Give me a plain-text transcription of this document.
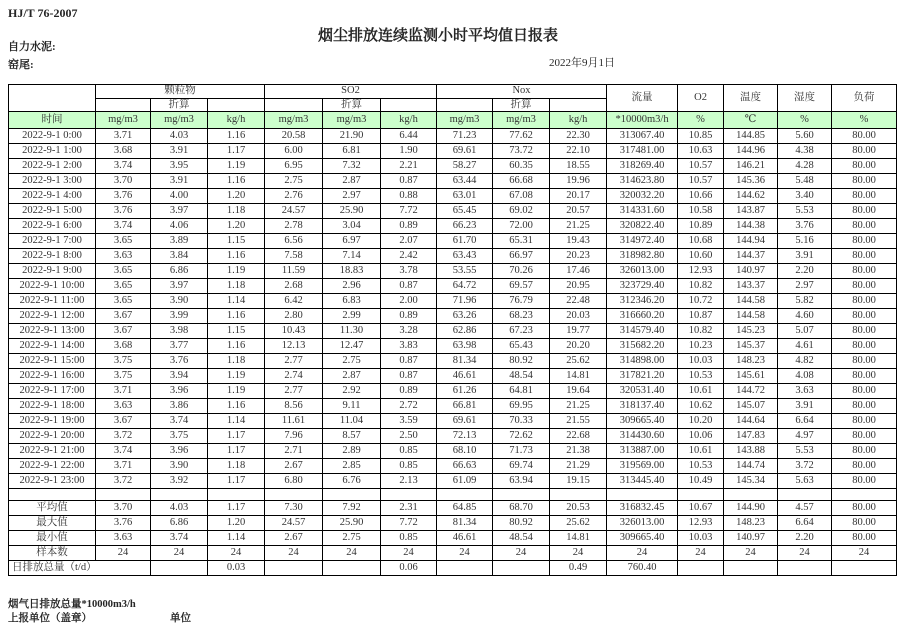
HJ/T 76-2007
烟尘排放连续监测小时平均值日报表
自力水泥:
窑尾:	2022年9月1日
	颗粒物			SO2			Nox			流量	O2	温度	湿度	负荷
		折算			折算			折算						
时间	mg/m3	mg/m3	kg/h	mg/m3	mg/m3	kg/h	mg/m3	mg/m3	kg/h	*10000m3/h	%	℃	%	%
2022-9-1 0:00	3.71	4.03	1.16	20.58	21.90	6.44	71.23	77.62	22.30	313067.40	10.85	144.85	5.60	80.00
2022-9-1 1:00	3.68	3.91	1.17	6.00	6.81	1.90	69.61	73.72	22.10	317481.00	10.63	144.96	4.38	80.00
2022-9-1 2:00	3.74	3.95	1.19	6.95	7.32	2.21	58.27	60.35	18.55	318269.40	10.57	146.21	4.28	80.00
2022-9-1 3:00	3.70	3.91	1.16	2.75	2.87	0.87	63.44	66.68	19.96	314623.80	10.57	145.36	5.48	80.00
2022-9-1 4:00	3.76	4.00	1.20	2.76	2.97	0.88	63.01	67.08	20.17	320032.20	10.66	144.62	3.40	80.00
2022-9-1 5:00	3.76	3.97	1.18	24.57	25.90	7.72	65.45	69.02	20.57	314331.60	10.58	143.87	5.53	80.00
2022-9-1 6:00	3.74	4.06	1.20	2.78	3.04	0.89	66.23	72.00	21.25	320822.40	10.89	144.38	3.76	80.00
2022-9-1 7:00	3.65	3.89	1.15	6.56	6.97	2.07	61.70	65.31	19.43	314972.40	10.68	144.94	5.16	80.00
2022-9-1 8:00	3.63	3.84	1.16	7.58	7.14	2.42	63.43	66.97	20.23	318982.80	10.60	144.37	3.91	80.00
2022-9-1 9:00	3.65	6.86	1.19	11.59	18.83	3.78	53.55	70.26	17.46	326013.00	12.93	140.97	2.20	80.00
2022-9-1 10:00	3.65	3.97	1.18	2.68	2.96	0.87	64.72	69.57	20.95	323729.40	10.82	143.37	2.97	80.00
2022-9-1 11:00	3.65	3.90	1.14	6.42	6.83	2.00	71.96	76.79	22.48	312346.20	10.72	144.58	5.82	80.00
2022-9-1 12:00	3.67	3.99	1.16	2.80	2.99	0.89	63.26	68.23	20.03	316660.20	10.87	144.58	4.60	80.00
2022-9-1 13:00	3.67	3.98	1.15	10.43	11.30	3.28	62.86	67.23	19.77	314579.40	10.82	145.23	5.07	80.00
2022-9-1 14:00	3.68	3.77	1.16	12.13	12.47	3.83	63.98	65.43	20.20	315682.20	10.23	145.37	4.61	80.00
2022-9-1 15:00	3.75	3.76	1.18	2.77	2.75	0.87	81.34	80.92	25.62	314898.00	10.03	148.23	4.82	80.00
2022-9-1 16:00	3.75	3.94	1.19	2.74	2.87	0.87	46.61	48.54	14.81	317821.20	10.53	145.61	4.08	80.00
2022-9-1 17:00	3.71	3.96	1.19	2.77	2.92	0.89	61.26	64.81	19.64	320531.40	10.61	144.72	3.63	80.00
2022-9-1 18:00	3.63	3.86	1.16	8.56	9.11	2.72	66.81	69.95	21.25	318137.40	10.62	145.07	3.91	80.00
2022-9-1 19:00	3.67	3.74	1.14	11.61	11.04	3.59	69.61	70.33	21.55	309665.40	10.20	144.64	6.64	80.00
2022-9-1 20:00	3.72	3.75	1.17	7.96	8.57	2.50	72.13	72.62	22.68	314430.60	10.06	147.83	4.97	80.00
2022-9-1 21:00	3.74	3.96	1.17	2.71	2.89	0.85	68.10	71.73	21.38	313887.00	10.61	143.88	5.53	80.00
2022-9-1 22:00	3.71	3.90	1.18	2.67	2.85	0.85	66.63	69.74	21.29	319569.00	10.53	144.74	3.72	80.00
2022-9-1 23:00	3.72	3.92	1.17	6.80	6.76	2.13	61.09	63.94	19.15	313445.40	10.49	145.34	5.63	80.00

平均值	3.70	4.03	1.17	7.30	7.92	2.31	64.85	68.70	20.53	316832.45	10.67	144.90	4.57	80.00
最大值	3.76	6.86	1.20	24.57	25.90	7.72	81.34	80.92	25.62	326013.00	12.93	148.23	6.64	80.00
最小值	3.63	3.74	1.14	2.67	2.75	0.85	46.61	48.54	14.81	309665.40	10.03	140.97	2.20	80.00
样本数	24	24	24	24	24	24	24	24	24	24	24	24	24	24
日排放总量（t/d）			0.03			0.06			0.49	760.40				
烟气日排放总量*10000m3/h
上报单位（盖章）	单位
